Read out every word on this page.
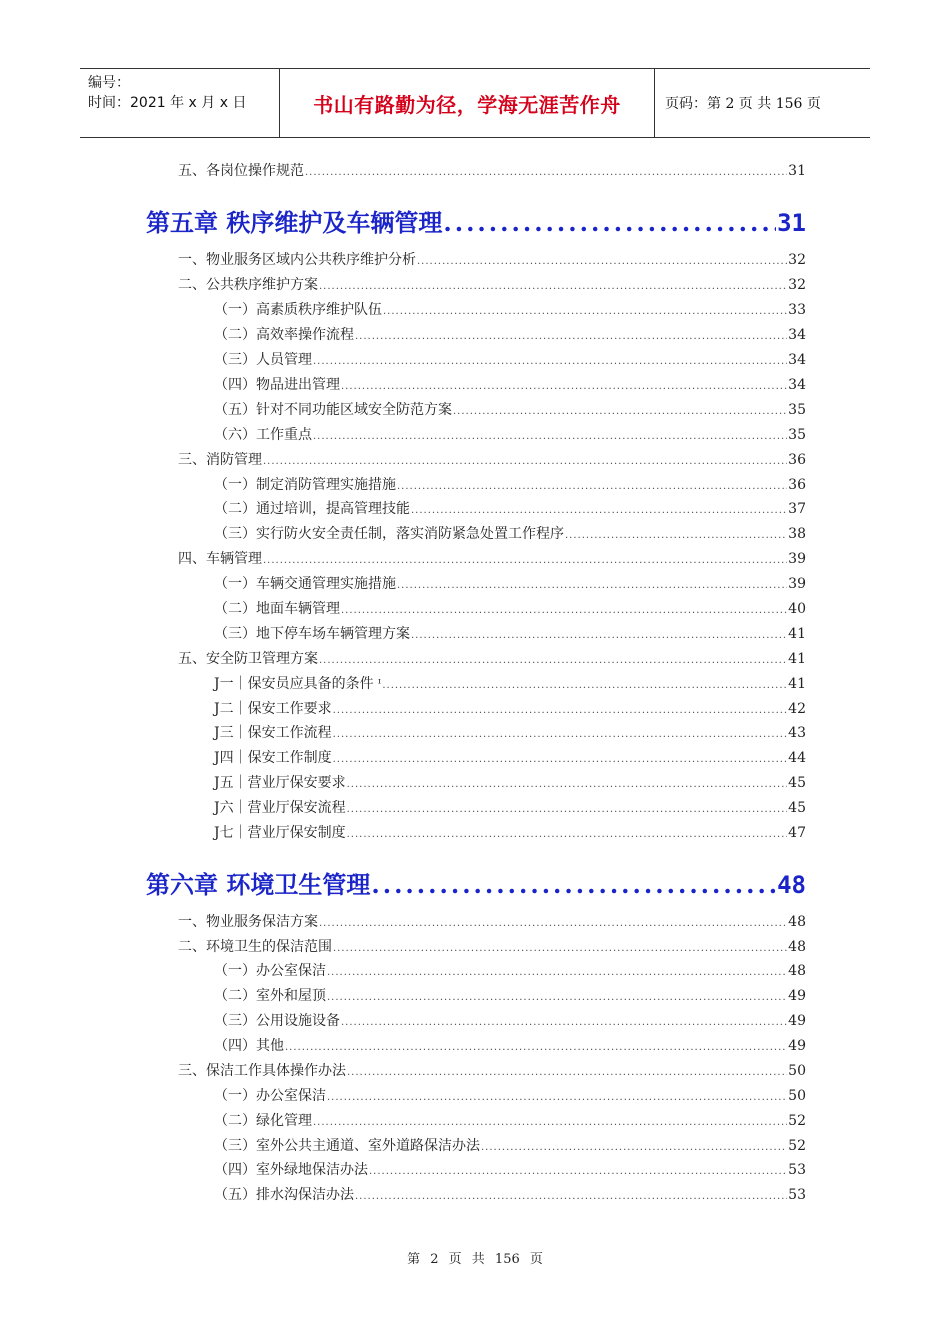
编号：
时间：2021 年 x 月 x 日	书山有路勤为径，学海无涯苦作舟	页码：第 2 页 共 156 页
五、各岗位操作规范 .....	31
第五章 秩序维护及车辆管理 .....	31
一、物业服务区域内公共秩序维护分析 .....	32
二、公共秩序维护方案 .....	32
（一）高素质秩序维护队伍 .....	33
（二）高效率操作流程 .....	34
（三）人员管理 .....	34
（四）物品进出管理 .....	34
（五）针对不同功能区域安全防范方案 .....	35
（六）工作重点 .....	35
三、消防管理 .....	36
（一）制定消防管理实施措施 .....	36
（二）通过培训，提高管理技能 .....	37
（三）实行防火安全责任制，落实消防紧急处置工作程序 .....	38
四、车辆管理 .....	39
（一）车辆交通管理实施措施 .....	39
（二）地面车辆管理 .....	40
（三）地下停车场车辆管理方案 .....	41
五、安全防卫管理方案 .....	41
J一｜保安员应具备的条件 ᶦ .....	41
J二｜保安工作要求 .....	42
J三｜保安工作流程 .....	43
J四｜保安工作制度 .....	44
J五｜营业厅保安要求 .....	45
J六｜营业厅保安流程 .....	45
J七｜营业厅保安制度 .....	47
第六章 环境卫生管理 .....	48
一、物业服务保洁方案 .....	48
二、环境卫生的保洁范围 .....	48
（一）办公室保洁 .....	48
（二）室外和屋顶 .....	49
（三）公用设施设备 .....	49
（四）其他 .....	49
三、保洁工作具体操作办法 .....	50
（一）办公室保洁 .....	50
（二）绿化管理 .....	52
（三）室外公共主通道、室外道路保洁办法 .....	52
（四）室外绿地保洁办法 .....	53
（五）排水沟保洁办法 .....	53
第 2 页 共 156 页
